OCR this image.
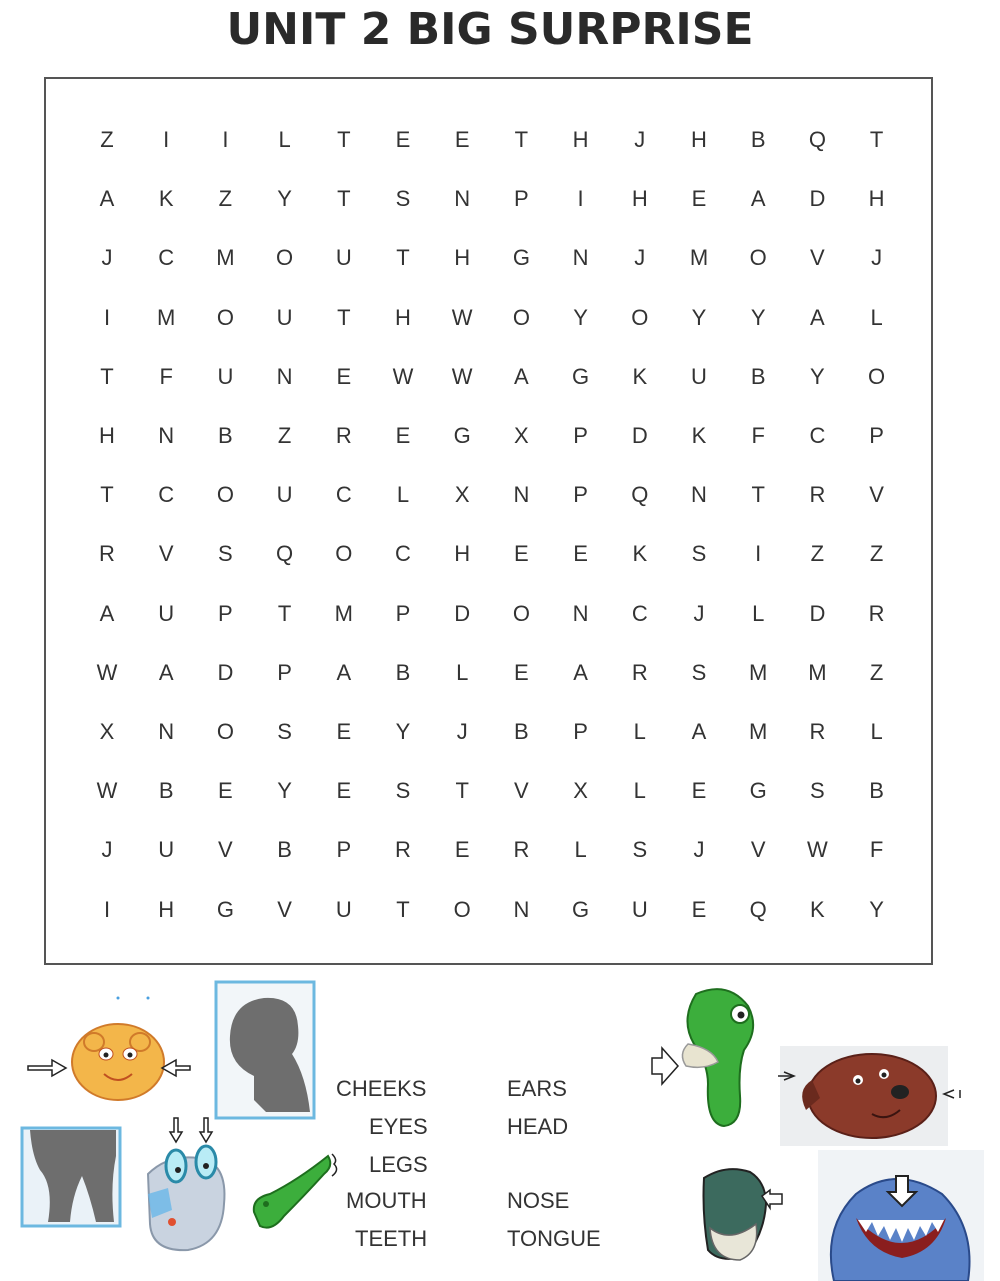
UNIT 2 BIG SURPRISE
Z	I	I	L	T	E	E	T	H	J	H	B	Q	T
A	K	Z	Y	T	S	N	P	I	H	E	A	D	H
J	C	M	O	U	T	H	G	N	J	M	O	V	J
I	M	O	U	T	H	W	O	Y	O	Y	Y	A	L
T	F	U	N	E	W	W	A	G	K	U	B	Y	O
H	N	B	Z	R	E	G	X	P	D	K	F	C	P
T	C	O	U	C	L	X	N	P	Q	N	T	R	V
R	V	S	Q	O	C	H	E	E	K	S	I	Z	Z
A	U	P	T	M	P	D	O	N	C	J	L	D	R
W	A	D	P	A	B	L	E	A	R	S	M	M	Z
X	N	O	S	E	Y	J	B	P	L	A	M	R	L
W	B	E	Y	E	S	T	V	X	L	E	G	S	B
J	U	V	B	P	R	E	R	L	S	J	V	W	F
I	H	G	V	U	T	O	N	G	U	E	Q	K	Y
CHEEKS
EYES
LEGS
MOUTH
TEETH
EARS
HEAD
NOSE
TONGUE
